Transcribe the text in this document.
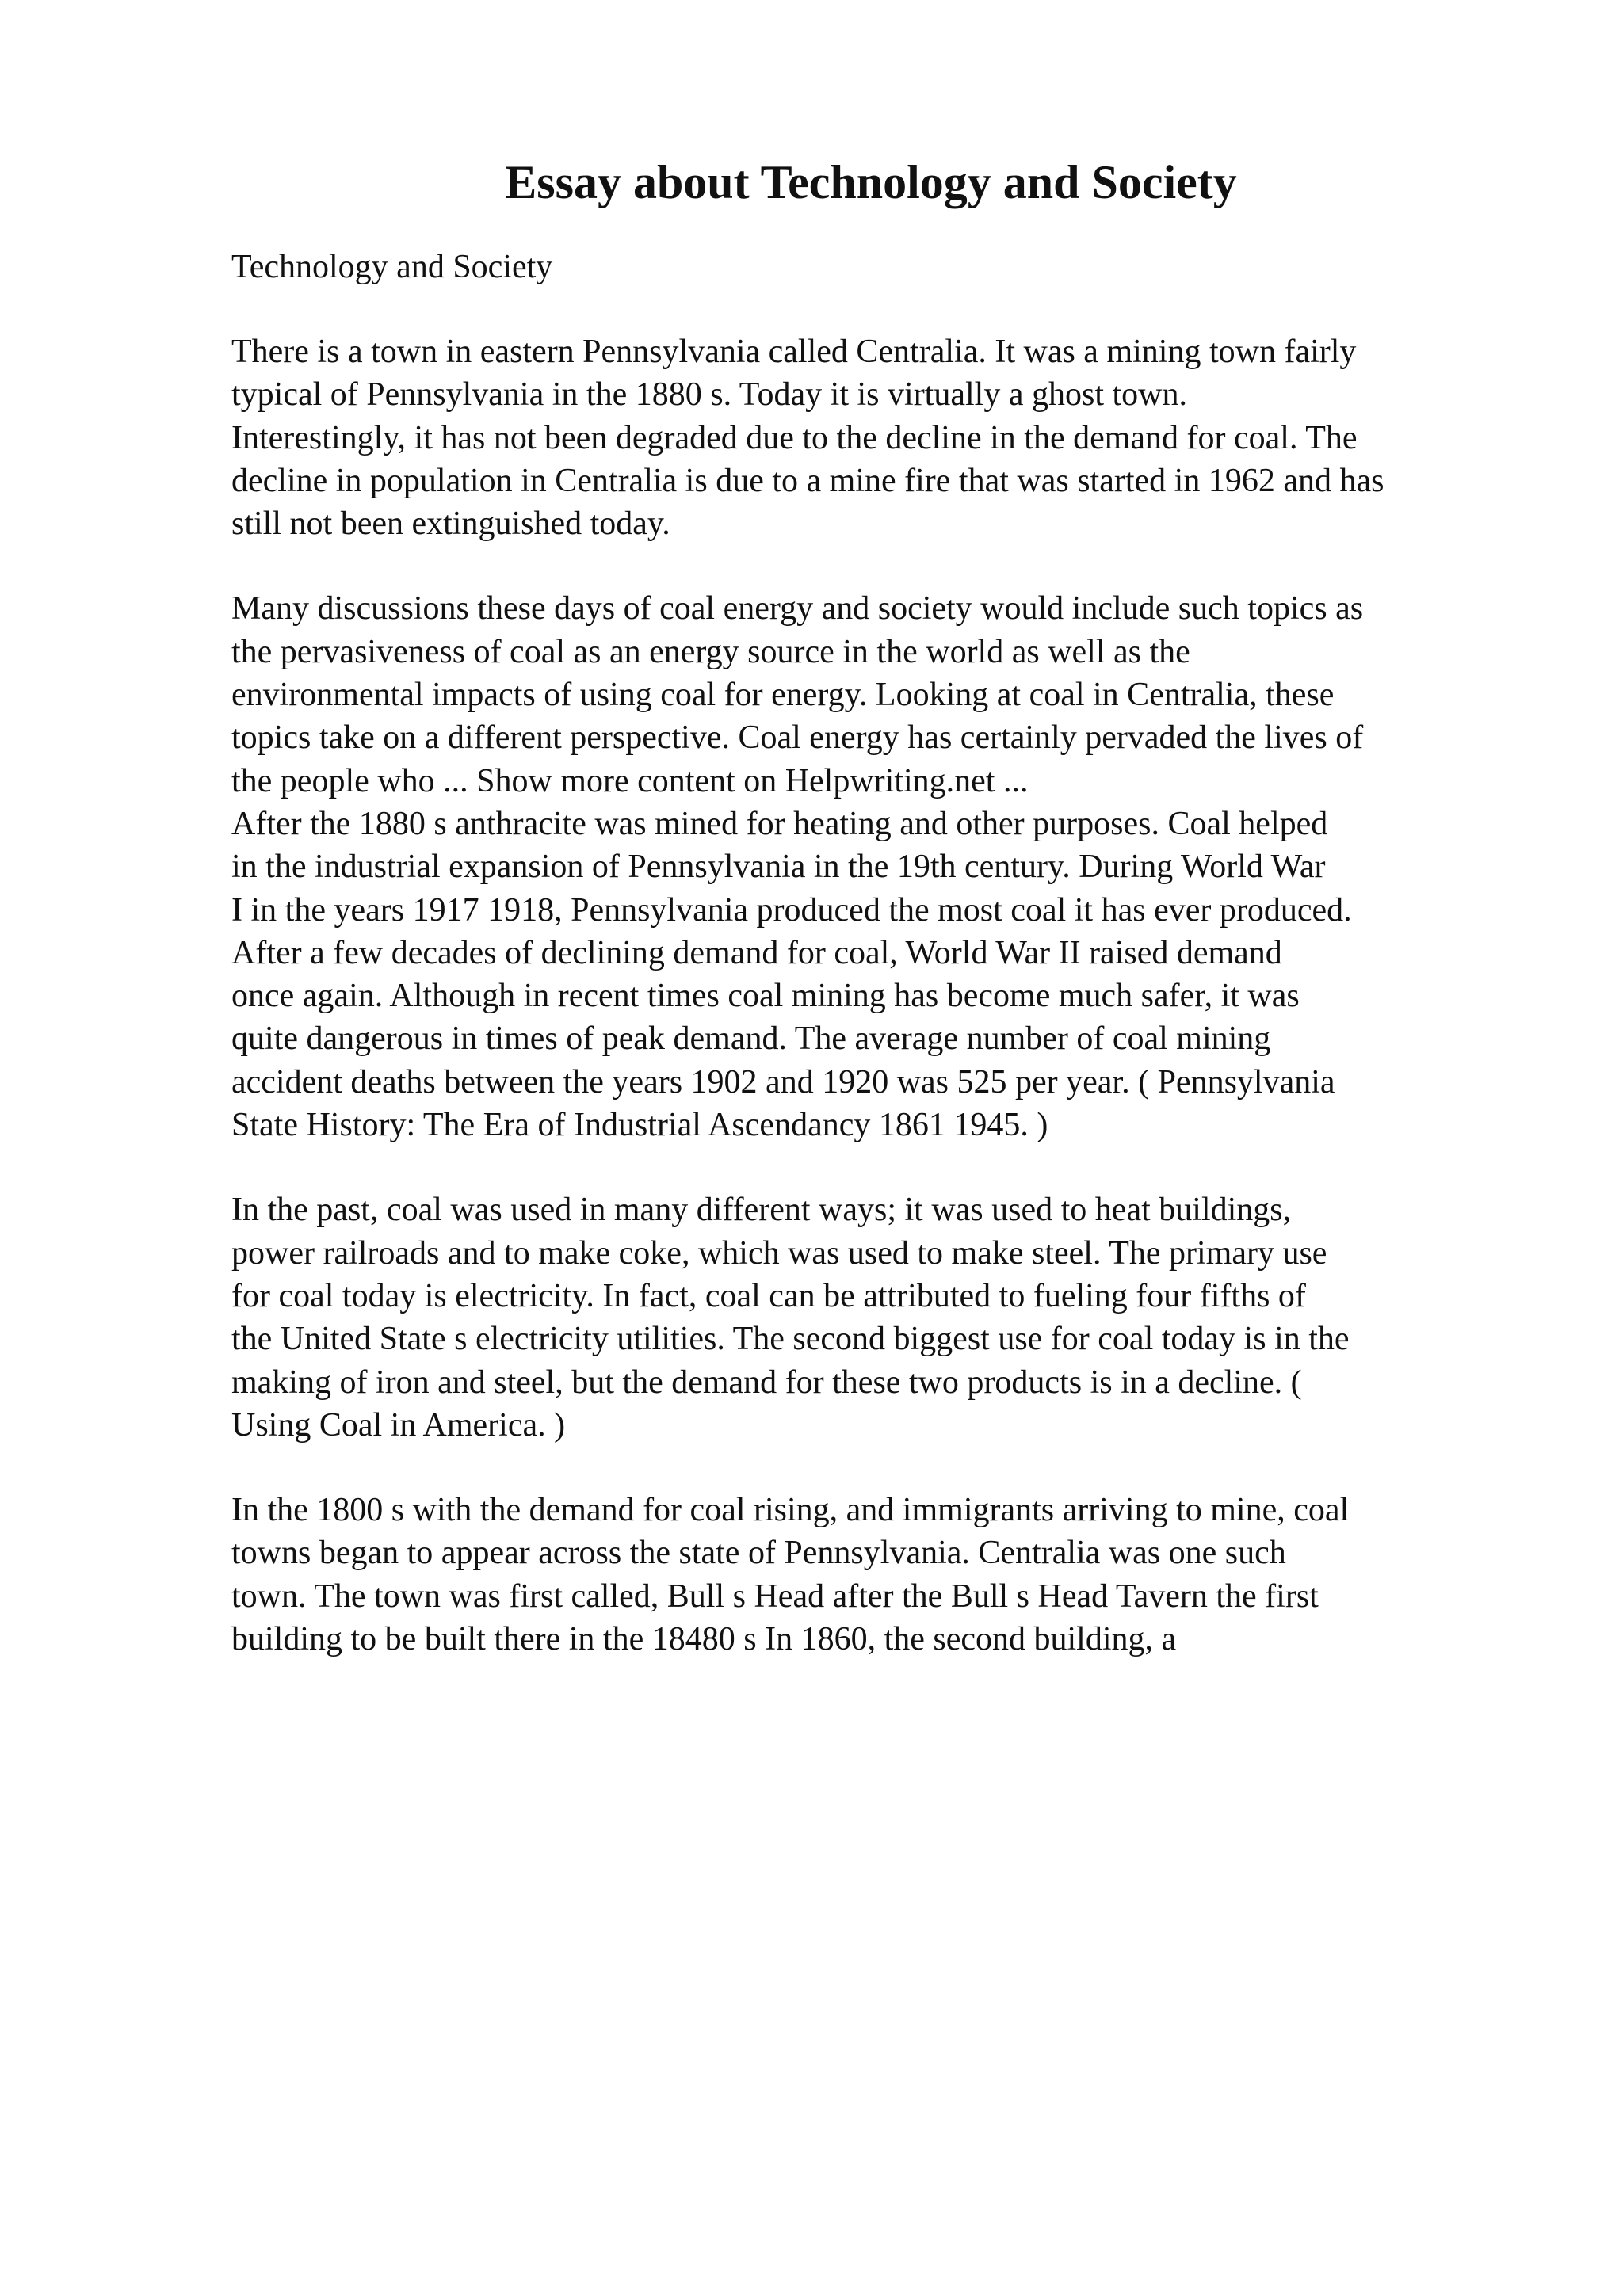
Essay about Technology and Society
Technology and Society
There is a town in eastern Pennsylvania called Centralia. It was a mining town fairly
typical of Pennsylvania in the 1880 s. Today it is virtually a ghost town.
Interestingly, it has not been degraded due to the decline in the demand for coal. The
decline in population in Centralia is due to a mine fire that was started in 1962 and has
still not been extinguished today.
Many discussions these days of coal energy and society would include such topics as
the pervasiveness of coal as an energy source in the world as well as the
environmental impacts of using coal for energy. Looking at coal in Centralia, these
topics take on a different perspective. Coal energy has certainly pervaded the lives of
the people who ... Show more content on Helpwriting.net ...
After the 1880 s anthracite was mined for heating and other purposes. Coal helped
in the industrial expansion of Pennsylvania in the 19th century. During World War
I in the years 1917 1918, Pennsylvania produced the most coal it has ever produced.
After a few decades of declining demand for coal, World War II raised demand
once again. Although in recent times coal mining has become much safer, it was
quite dangerous in times of peak demand. The average number of coal mining
accident deaths between the years 1902 and 1920 was 525 per year. ( Pennsylvania
State History: The Era of Industrial Ascendancy 1861 1945. )
In the past, coal was used in many different ways; it was used to heat buildings,
power railroads and to make coke, which was used to make steel. The primary use
for coal today is electricity. In fact, coal can be attributed to fueling four fifths of
the United State s electricity utilities. The second biggest use for coal today is in the
making of iron and steel, but the demand for these two products is in a decline. (
Using Coal in America. )
In the 1800 s with the demand for coal rising, and immigrants arriving to mine, coal
towns began to appear across the state of Pennsylvania. Centralia was one such
town. The town was first called, Bull s Head after the Bull s Head Tavern the first
building to be built there in the 18480 s In 1860, the second building, a
